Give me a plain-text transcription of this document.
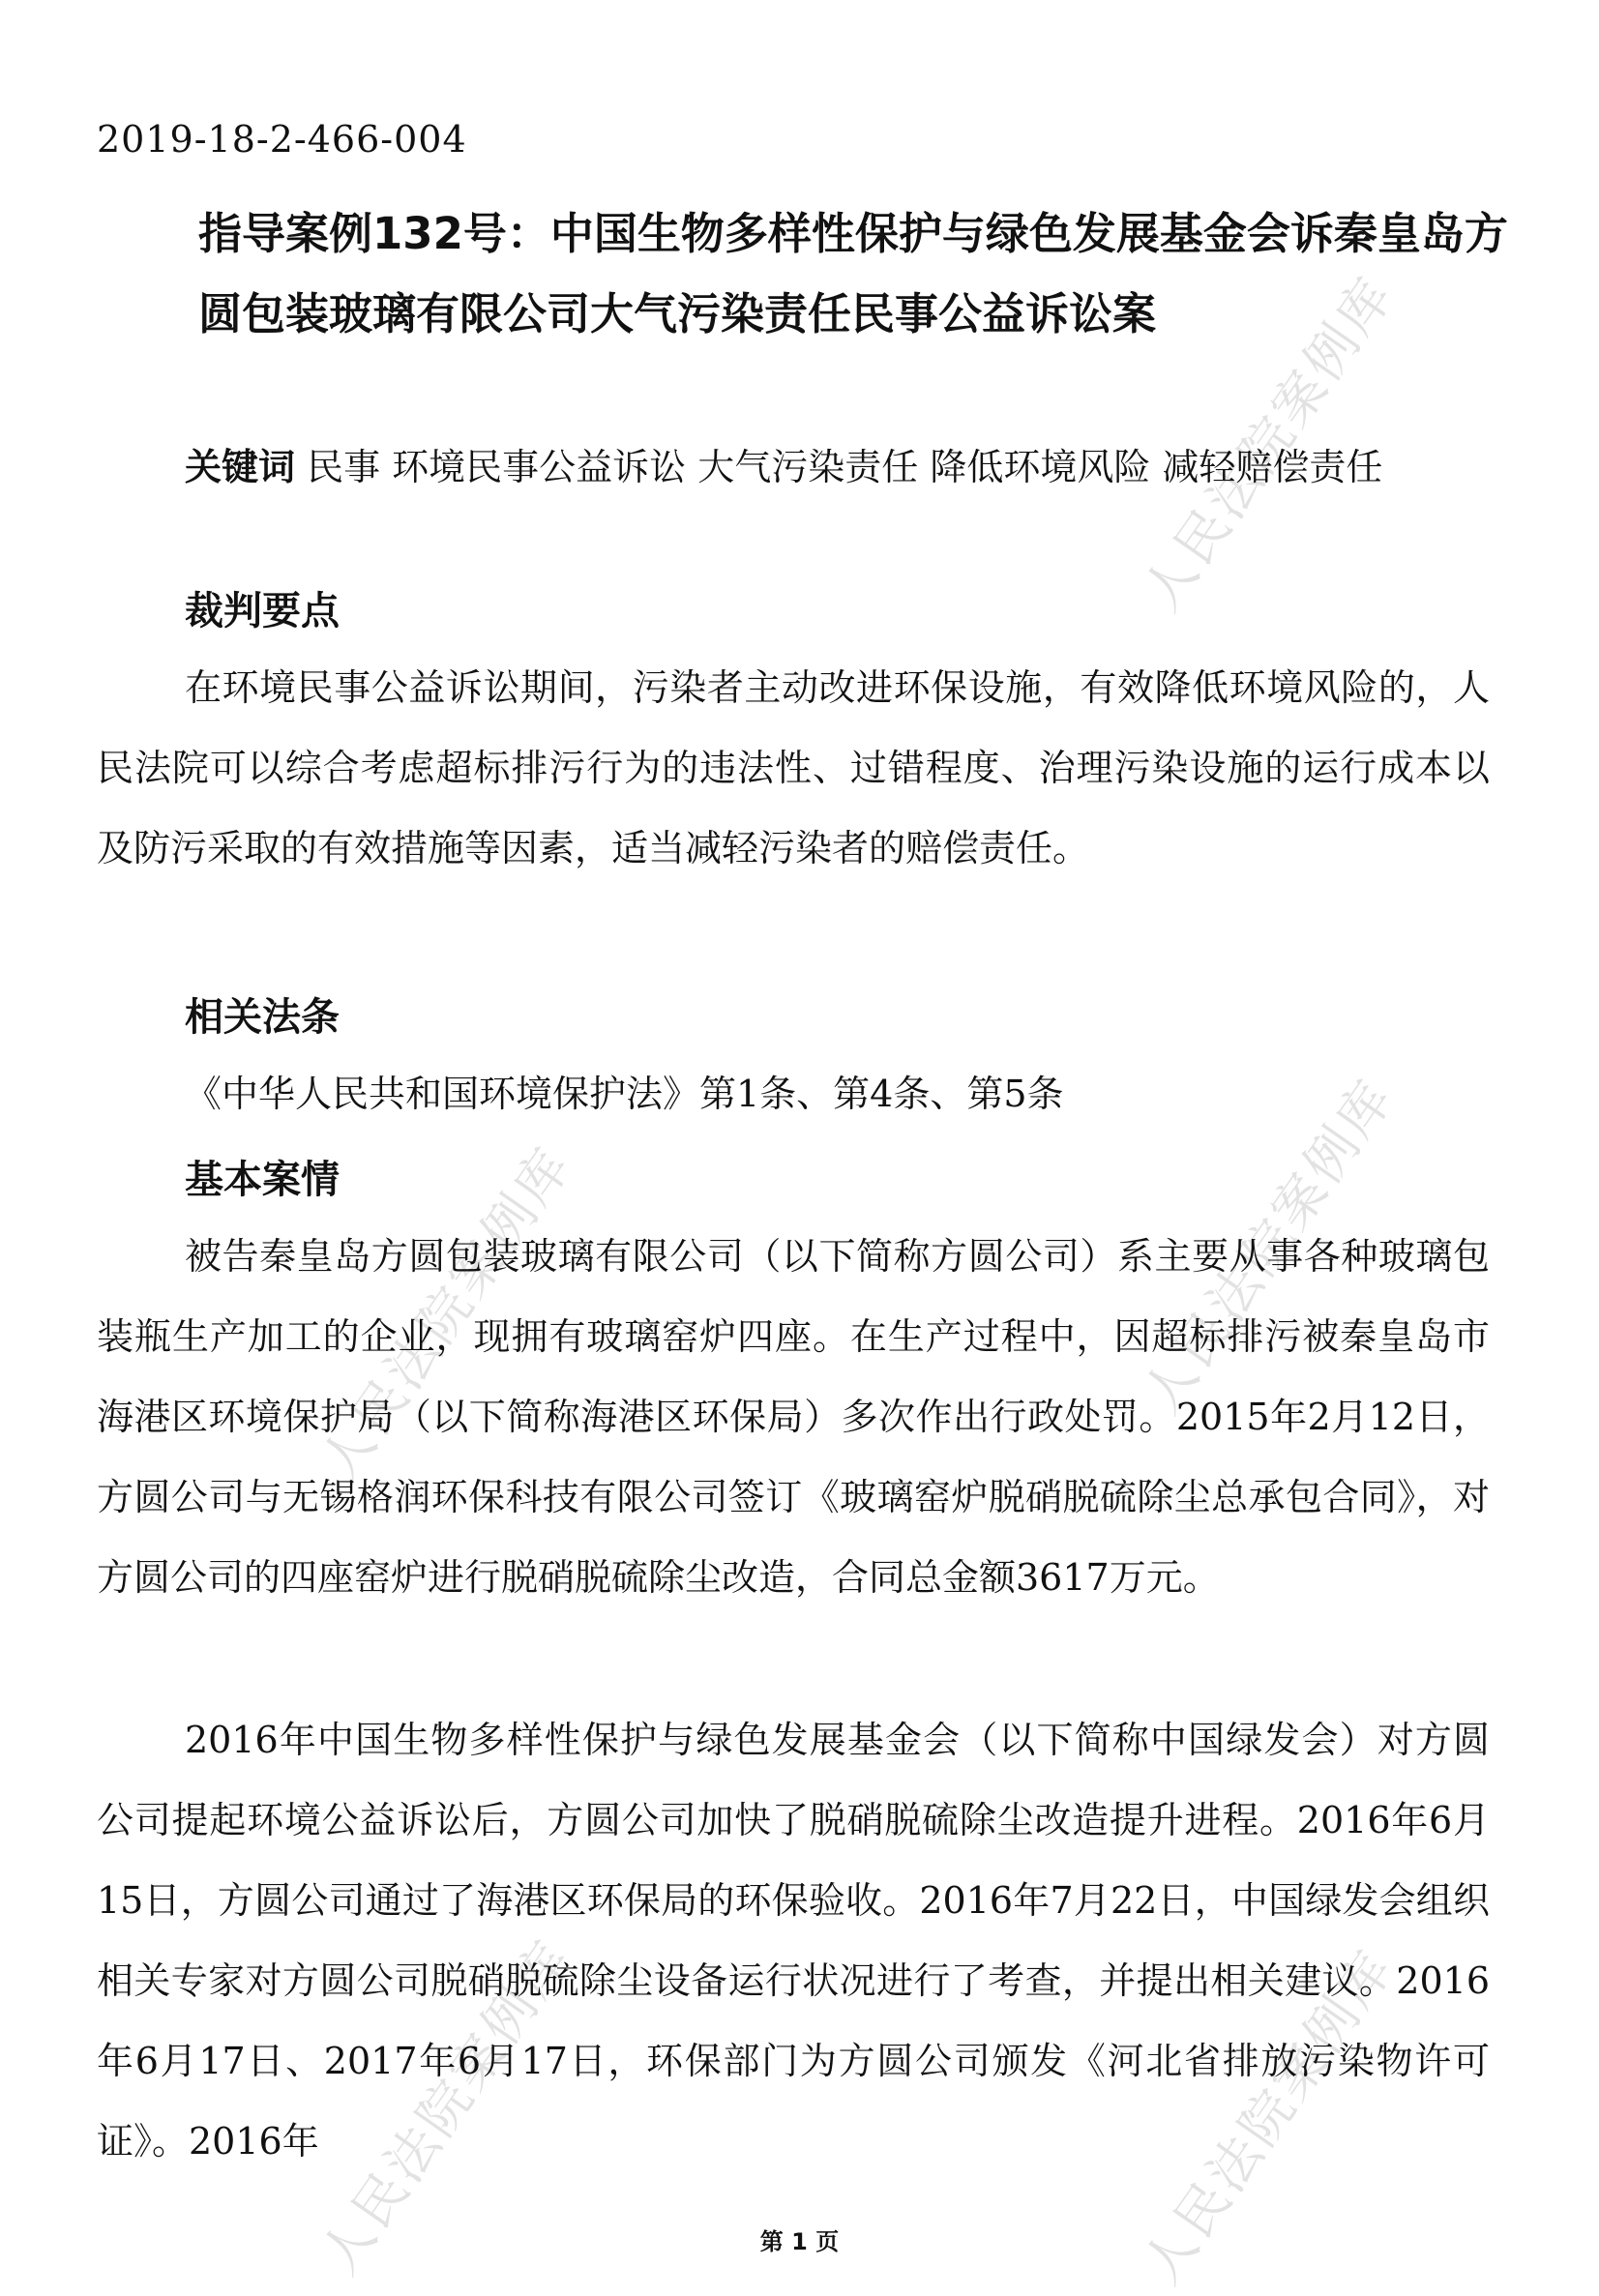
人民法院案例库
人民法院案例库
人民法院案例库
人民法院案例库	人民法院案例库
2019-18-2-466-004
指导案例132号：中国生物多样性保护与绿色发展基金会诉秦皇岛方圆包装玻璃有限公司大气污染责任民事公益诉讼案

关键词 民事 环境民事公益诉讼 大气污染责任 降低环境风险 减轻赔偿责任

裁判要点

在环境民事公益诉讼期间，污染者主动改进环保设施，有效降低环境风险的，人民法院可以综合考虑超标排污行为的违法性、过错程度、治理污染设施的运行成本以及防污采取的有效措施等因素，适当减轻污染者的赔偿责任。

相关法条

《中华人民共和国环境保护法》第1条、第4条、第5条

基本案情

被告秦皇岛方圆包装玻璃有限公司（以下简称方圆公司）系主要从事各种玻璃包装瓶生产加工的企业，现拥有玻璃窑炉四座。在生产过程中，因超标排污被秦皇岛市海港区环境保护局（以下简称海港区环保局）多次作出行政处罚。2015年2月12日，方圆公司与无锡格润环保科技有限公司签订《玻璃窑炉脱硝脱硫除尘总承包合同》，对方圆公司的四座窑炉进行脱硝脱硫除尘改造，合同总金额3617万元。

2016年中国生物多样性保护与绿色发展基金会（以下简称中国绿发会）对方圆公司提起环境公益诉讼后，方圆公司加快了脱硝脱硫除尘改造提升进程。2016年6月15日，方圆公司通过了海港区环保局的环保验收。2016年7月22日，中国绿发会组织相关专家对方圆公司脱硝脱硫除尘设备运行状况进行了考查，并提出相关建议。2016年6月17日、2017年6月17日，环保部门为方圆公司颁发《河北省排放污染物许可证》。2016年

第 1 页
